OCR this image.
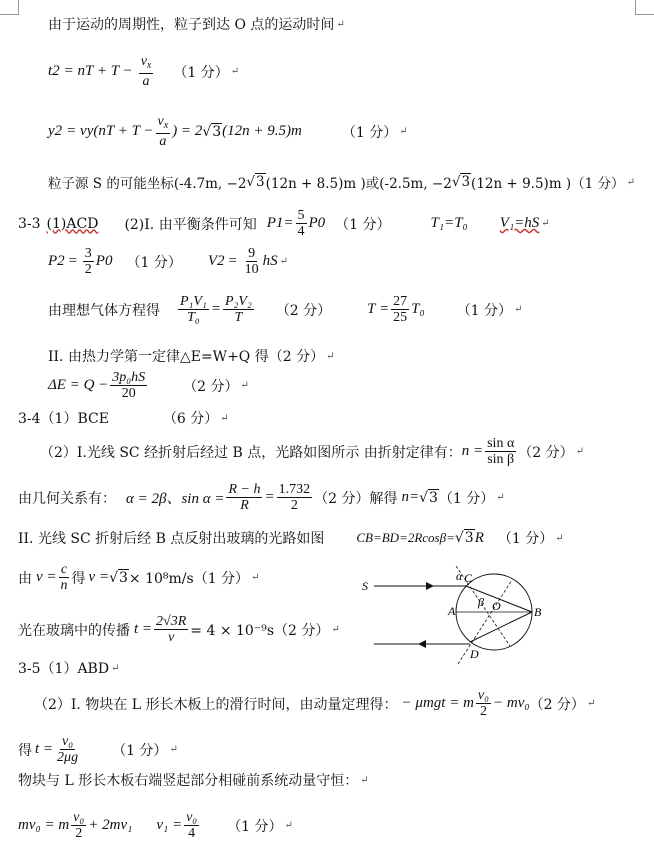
由于运动的周期性，粒子到达 O 点的运动时间 ↵
t 2 = nT + $T - \frac{v_x}{a} (1$ 分） ↵
y 2 = v y ($nT + T - \frac{v_x}{a}$ ) = 2 √3 (12n + 9.5)m	（1 分） ↵
粒子源 S 的可能坐标(-4.7m, −2 √3 (12n + 8.5)m )或(-2.5m, −2 √3 (12n + 9.5)m )（1 分） ↵
3-3 (1)ACD (2)I. 由平衡条件可知 P $1 = \frac{5}{4}$ P 0 （1 分）	T₁=T₀ V₁=hS ↵
P $2 = \frac{3}{2}$ P 0 （1 分） V $2 = \frac{9}{10}$ hS ↵
由理想气体方程得 $\frac{\text{P₁V₁}}{\text{T₀}} = \frac{\text{P₂V₂}}{T} (2$ 分） $T = \frac{27}{25} T_0$ （1 分） ↵
II. 由热力学第一定律△E=W+Q 得（2 分） ↵
$\Delta E = Q - \frac{\text{3p₀hS}}{20}$	（2 分） ↵
3-4（1）BCE	（6 分） ↵
（2）I.光线 SC 经折射后经过 B 点，光路如图所示 由折射定律有： $n = \frac{\text{sin α}}{\text{sin β}} (2$ 分） ↵
由几何关系有： α = 2β、$\sin \alpha = \frac{R - h}{R} = \frac{1.732}{2} (2$ 分）解得 n= √3 （1 分） ↵
II. 光线 SC 折射后经 B 点反射出玻璃的光路如图 CB=BD=2Rcosβ= √3 R （1 分） ↵
由 $v = \frac{c}{n}$ 得 v = √3 × 10⁸m/s（1 分） ↵
光在玻璃中的传播 $t = \frac{2√3R}{v} = 4 \times 10^{-9}s(2$ 分） ↵
S
α C
A
β O	B
D
3-5（1）ABD ↵
（2）I. 物块在 L 形长木板上的滑行时间，由动量定理得： − μmgt = m $\frac{\text{v₀}}{2} - mv_0$ （2 分） ↵
得 $t = \frac{\text{v₀}}{2\mu g} (1$ 分） ↵
物块与 L 形长木板右端竖起部分相碰前系统动量守恒： ↵
mv₀ = m $\frac{\text{v₀}}{2} + 2mv_1$ $v_1 = \frac{\text{v₀}}{4} (1$ 分） ↵
